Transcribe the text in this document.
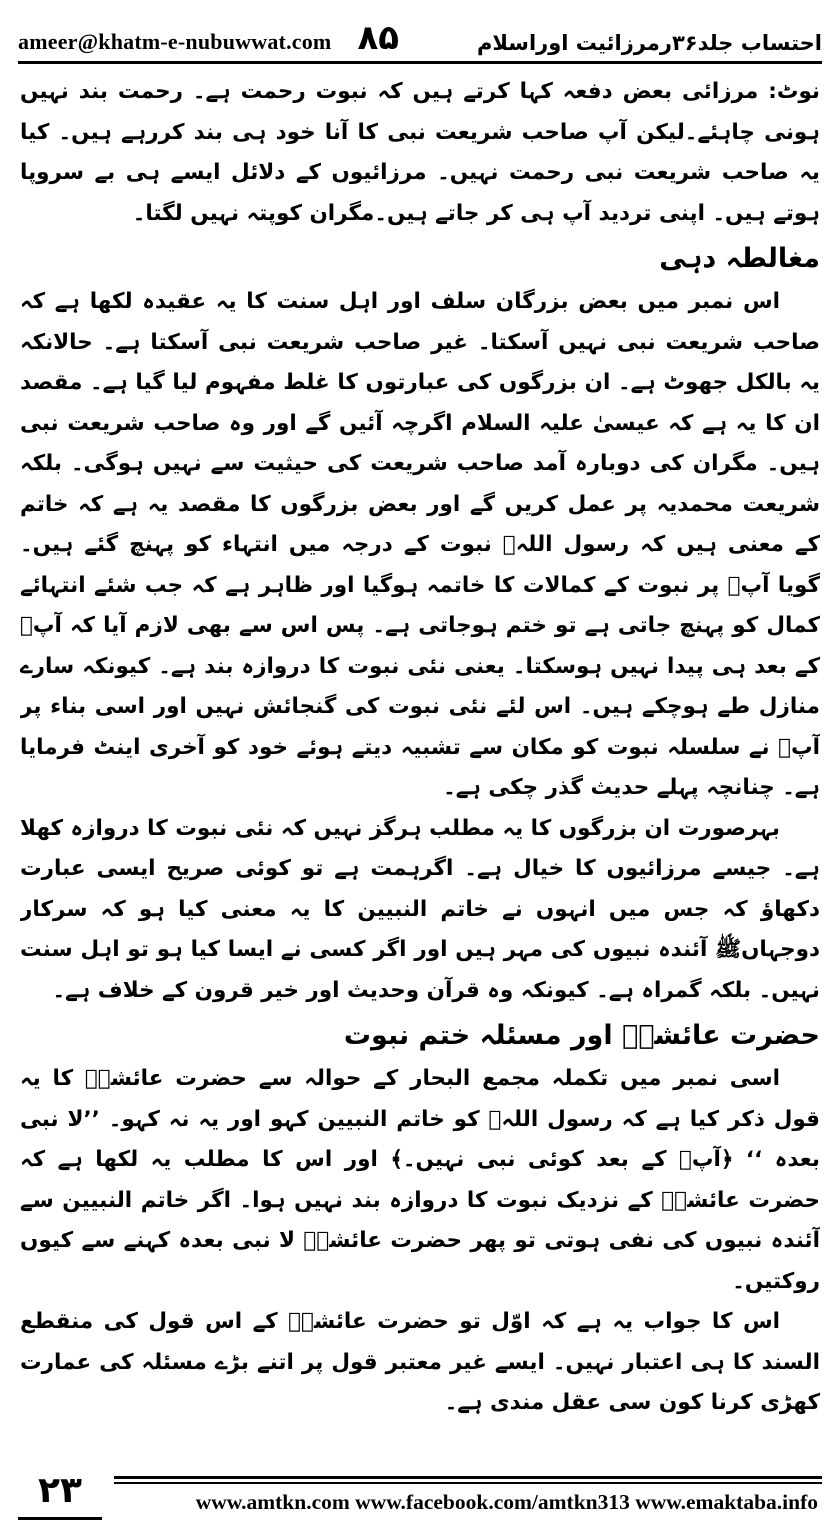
ameer@khatm-e-nubuwwat.com ۸۵	احتساب جلد۳۶رمرزائیت اوراسلام

نوٹ: مرزائی بعض دفعہ کہا کرتے ہیں کہ نبوت رحمت ہے۔ رحمت بند نہیں ہونی چاہئے۔لیکن آپ صاحب شریعت نبی کا آنا خود ہی بند کررہے ہیں۔ کیا یہ صاحب شریعت نبی رحمت نہیں۔ مرزائیوں کے دلائل ایسے ہی بے سروپا ہوتے ہیں۔ اپنی تردید آپ ہی کر جاتے ہیں۔مگران کوپتہ نہیں لگتا۔

مغالطہ دہی

اس نمبر میں بعض بزرگان سلف اور اہل سنت کا یہ عقیدہ لکھا ہے کہ صاحب شریعت نبی نہیں آسکتا۔ غیر صاحب شریعت نبی آسکتا ہے۔ حالانکہ یہ بالکل جھوٹ ہے۔ ان بزرگوں کی عبارتوں کا غلط مفہوم لیا گیا ہے۔ مقصد ان کا یہ ہے کہ عیسیٰ علیہ السلام اگرچہ آئیں گے اور وہ صاحب شریعت نبی ہیں۔ مگران کی دوبارہ آمد صاحب شریعت کی حیثیت سے نہیں ہوگی۔ بلکہ شریعت محمدیہ پر عمل کریں گے اور بعض بزرگوں کا مقصد یہ ہے کہ خاتم کے معنی ہیں کہ رسول اللہﷺ نبوت کے درجہ میں انتہاء کو پہنچ گئے ہیں۔ گویا آپؐ پر نبوت کے کمالات کا خاتمہ ہوگیا اور ظاہر ہے کہ جب شئے انتہائے کمال کو پہنچ جاتی ہے تو ختم ہوجاتی ہے۔ پس اس سے بھی لازم آیا کہ آپؐ کے بعد ہی پیدا نہیں ہوسکتا۔ یعنی نئی نبوت کا دروازہ بند ہے۔ کیونکہ سارے منازل طے ہوچکے ہیں۔ اس لئے نئی نبوت کی گنجائش نہیں اور اسی بناء پر آپؐ نے سلسلہ نبوت کو مکان سے تشبیہ دیتے ہوئے خود کو آخری اینٹ فرمایا ہے۔ چنانچہ پہلے حدیث گذر چکی ہے۔

بہرصورت ان بزرگوں کا یہ مطلب ہرگز نہیں کہ نئی نبوت کا دروازہ کھلا ہے۔ جیسے مرزائیوں کا خیال ہے۔ اگرہمت ہے تو کوئی صریح ایسی عبارت دکھاؤ کہ جس میں انہوں نے خاتم النبیین کا یہ معنی کیا ہو کہ سرکار دوجہاںﷺ آئندہ نبیوں کی مہر ہیں اور اگر کسی نے ایسا کیا ہو تو اہل سنت نہیں۔ بلکہ گمراہ ہے۔ کیونکہ وہ قرآن وحدیث اور خیر قرون کے خلاف ہے۔

حضرت عائشہؓ اور مسئلہ ختم نبوت

اسی نمبر میں تکملہ مجمع البحار کے حوالہ سے حضرت عائشہؓ کا یہ قول ذکر کیا ہے کہ رسول اللہﷺ کو خاتم النبیین کہو اور یہ نہ کہو۔ ’’لا نبی بعدہ ‘‘ ﴿آپؐ کے بعد کوئی نبی نہیں۔﴾ اور اس کا مطلب یہ لکھا ہے کہ حضرت عائشہؓ کے نزدیک نبوت کا دروازہ بند نہیں ہوا۔ اگر خاتم النبیین سے آئندہ نبیوں کی نفی ہوتی تو پھر حضرت عائشہؓ لا نبی بعدہ کہنے سے کیوں روکتیں۔

اس کا جواب یہ ہے کہ اوّل تو حضرت عائشہؓ کے اس قول کی منقطع السند کا ہی اعتبار نہیں۔ ایسے غیر معتبر قول پر اتنے بڑے مسئلہ کی عمارت کھڑی کرنا کون سی عقل مندی ہے۔

۲۳	www.amtkn.com www.facebook.com/amtkn313 www.emaktaba.info
